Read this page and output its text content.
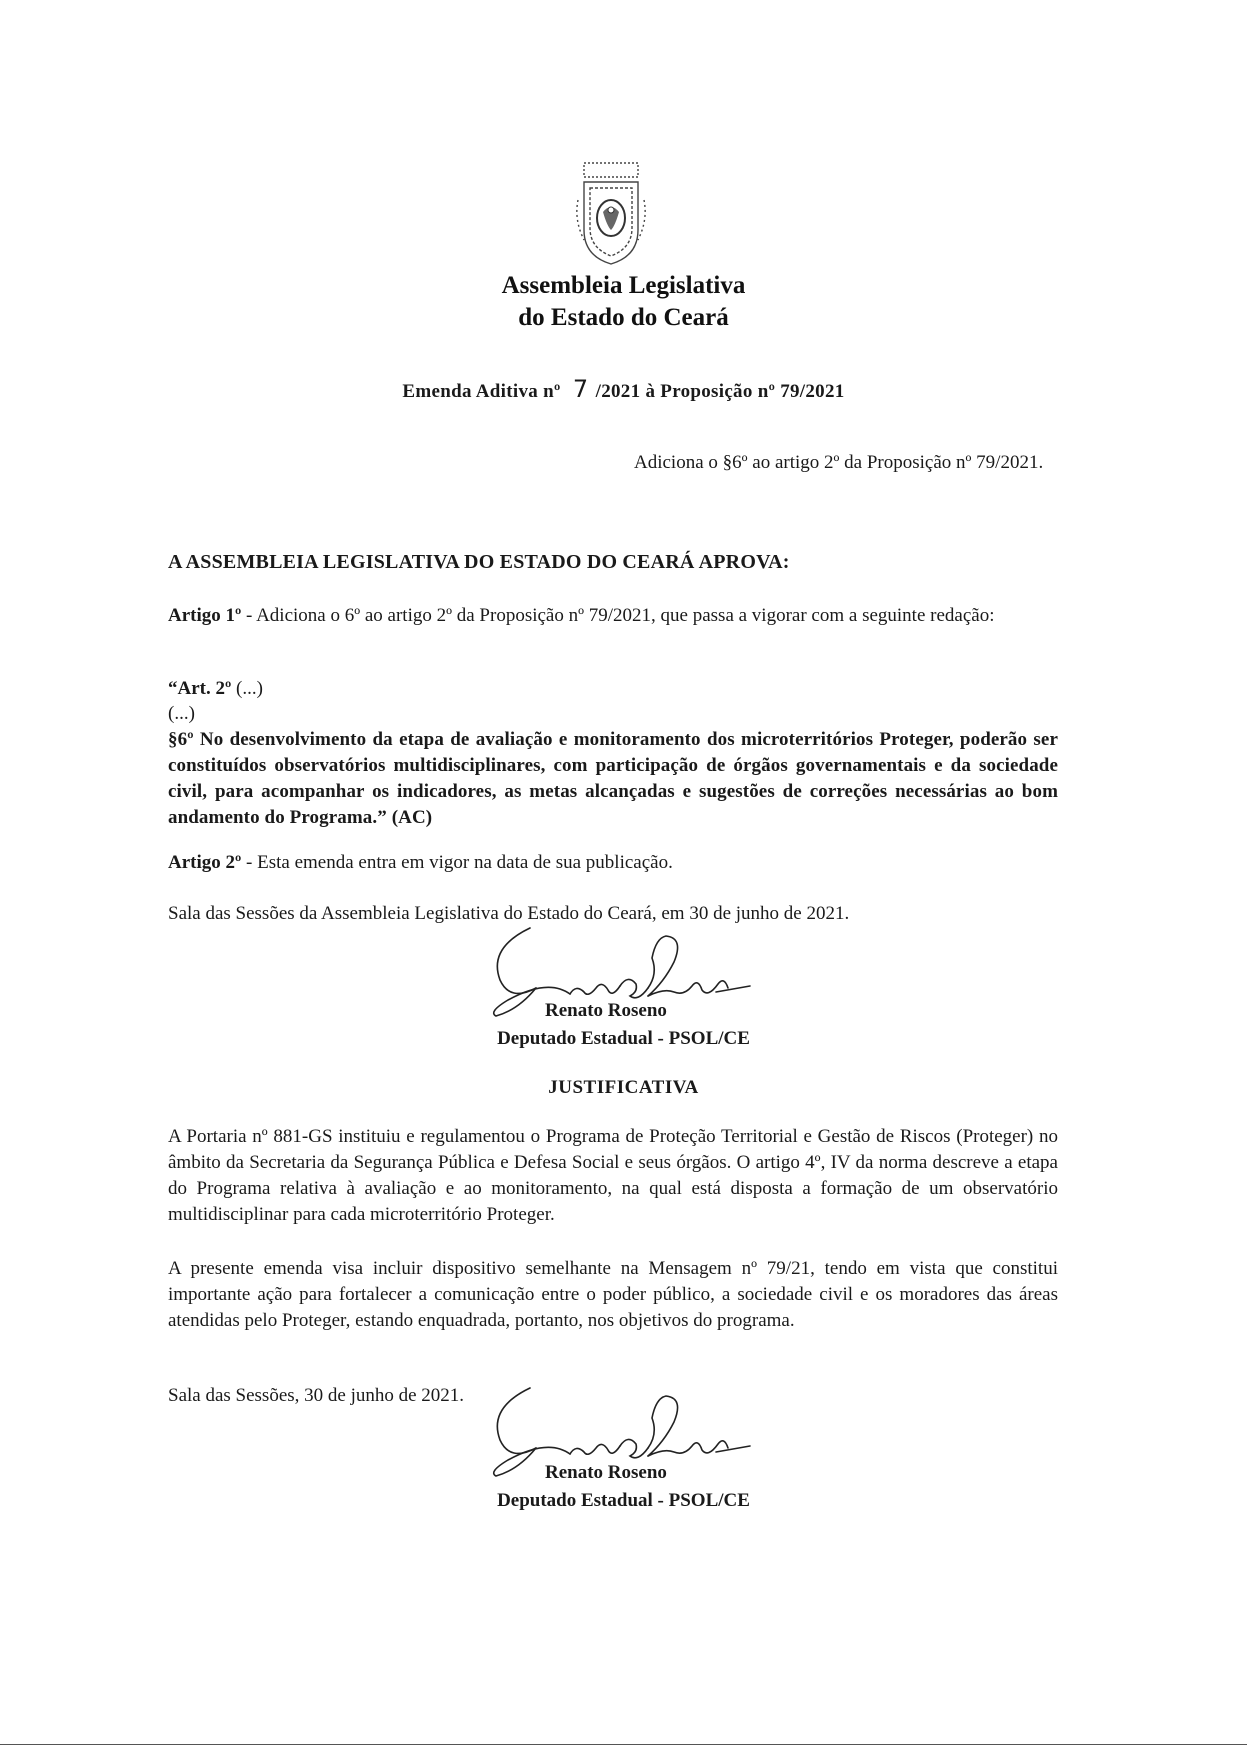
Assembleia Legislativa
do Estado do Ceará
Emenda Aditiva nº 7 /2021 à Proposição nº 79/2021
Adiciona o §6º ao artigo 2º da Proposição nº 79/2021.
A ASSEMBLEIA LEGISLATIVA DO ESTADO DO CEARÁ APROVA:
Artigo 1º - Adiciona o 6º ao artigo 2º da Proposição nº 79/2021, que passa a vigorar com a seguinte redação:
“Art. 2º (...)
(...)
§6º No desenvolvimento da etapa de avaliação e monitoramento dos microterritórios Proteger, poderão ser constituídos observatórios multidisciplinares, com participação de órgãos governamentais e da sociedade civil, para acompanhar os indicadores, as metas alcançadas e sugestões de correções necessárias ao bom andamento do Programa.” (AC)
Artigo 2º - Esta emenda entra em vigor na data de sua publicação.
Sala das Sessões da Assembleia Legislativa do Estado do Ceará, em 30 de junho de 2021.
Renato Roseno
Deputado Estadual - PSOL/CE
JUSTIFICATIVA
A Portaria nº 881-GS instituiu e regulamentou o Programa de Proteção Territorial e Gestão de Riscos (Proteger) no âmbito da Secretaria da Segurança Pública e Defesa Social e seus órgãos. O artigo 4º, IV da norma descreve a etapa do Programa relativa à avaliação e ao monitoramento, na qual está disposta a formação de um observatório multidisciplinar para cada microterritório Proteger.
A presente emenda visa incluir dispositivo semelhante na Mensagem nº 79/21, tendo em vista que constitui importante ação para fortalecer a comunicação entre o poder público, a sociedade civil e os moradores das áreas atendidas pelo Proteger, estando enquadrada, portanto, nos objetivos do programa.
Sala das Sessões, 30 de junho de 2021.
Renato Roseno
Deputado Estadual - PSOL/CE
